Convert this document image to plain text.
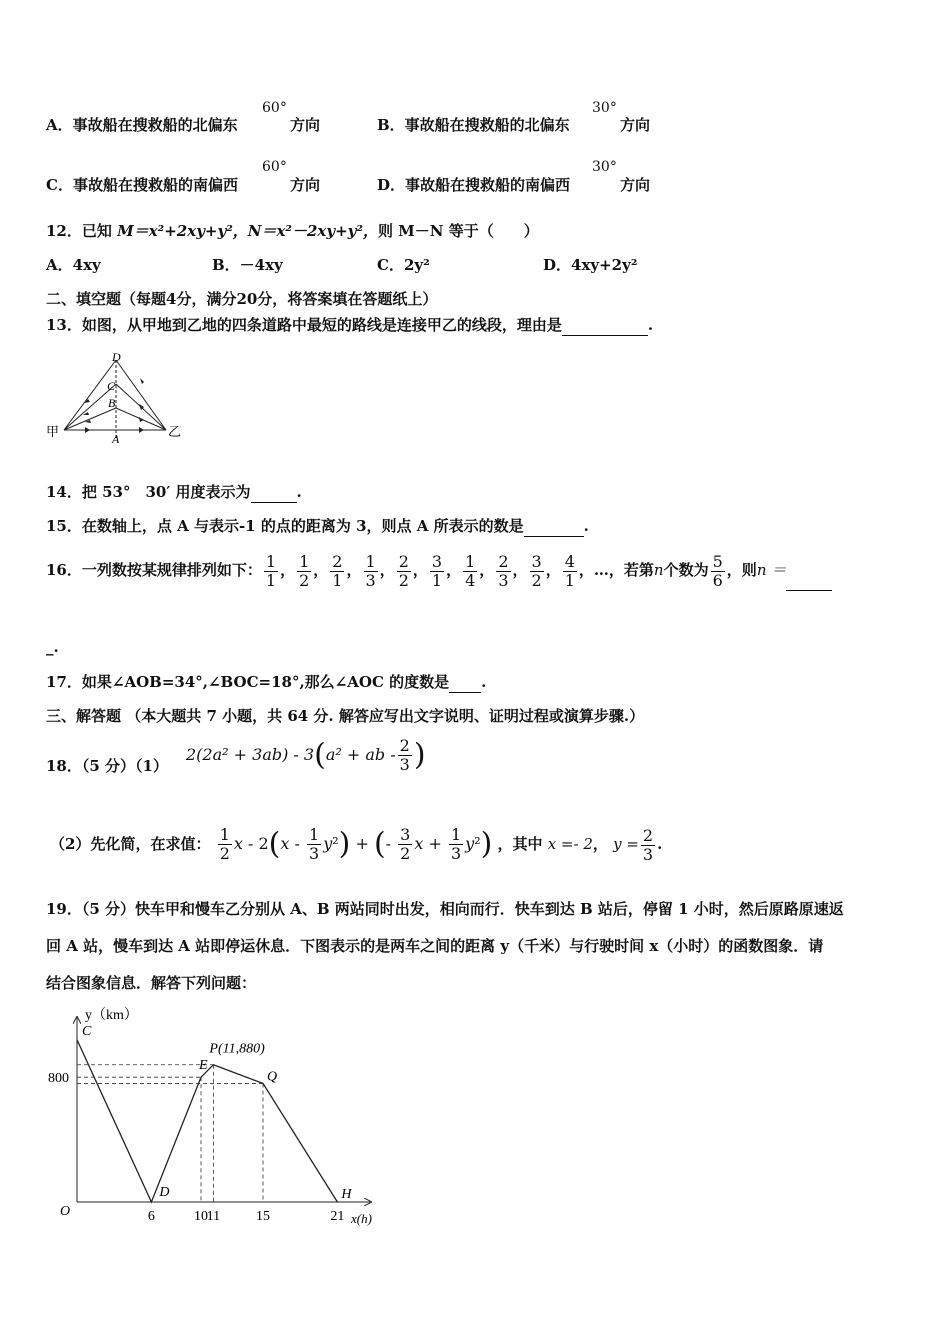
A．事故船在搜救船的北偏东
60°
方向	B．事故船在搜救船的北偏东
30°
方向
C．事故船在搜救船的南偏西
60°
方向	D．事故船在搜救船的南偏西
30°
方向
12．已知 M＝x²+2xy+y²，N＝x²－2xy+y²，则 M－N 等于（　　）
A．4xy	B．－4xy	C．2y²	D．4xy+2y²
二、填空题（每题4分，满分20分，将答案填在答题纸上）
13．如图，从甲地到乙地的四条道路中最短的路线是连接甲乙的线段，理由是	.
D
C
B
A
甲	乙
14．把 53°　30′ 用度表示为	.
15．在数轴上，点 A 与表示-1 的点的距离为 3，则点 A 所表示的数是	.
16．一列数按某规律排列如下： $\frac{1}{1}$ ， $\frac{1}{2}$ ， $\frac{2}{1}$ ， $\frac{1}{3}$ ， $\frac{2}{2}$ ， $\frac{3}{1}$ ， $\frac{1}{4}$ ， $\frac{2}{3}$ ， $\frac{3}{2}$ ， $\frac{4}{1}$ ，…，若第n个数为 $\frac{5}{6}$ ，则n ＝
_.
17．如果∠AOB=34°,∠BOC=18°,那么∠AOC 的度数是 .
三、解答题 （本大题共 7 小题，共 64 分. 解答应写出文字说明、证明过程或演算步骤.）
18．（5 分）（1）
2(2a² + 3ab) - 3(a² + ab - $\frac{2}{3}$ )
（2）先化简，在求值： $\frac{1}{2}$ x - $2(x - \frac{1}{3} y^2)$ + (- $\frac{3}{2}$ $x + \frac{1}{3} y^2$) ，其中 x =- 2， $y = \frac{2}{3}$ .
19．（5 分）快车甲和慢车乙分别从 A、B 两站同时出发，相向而行．快车到达 B 站后，停留 1 小时，然后原路原速返
回 A 站，慢车到达 A 站即停运休息．下图表示的是两车之间的距离 y（千米）与行驶时间 x（小时）的函数图象．请
结合图象信息．解答下列问题：
6	10
11	15	21
800
C
D
E
P(11,880)
Q
H
y（km）
x(h)
O
